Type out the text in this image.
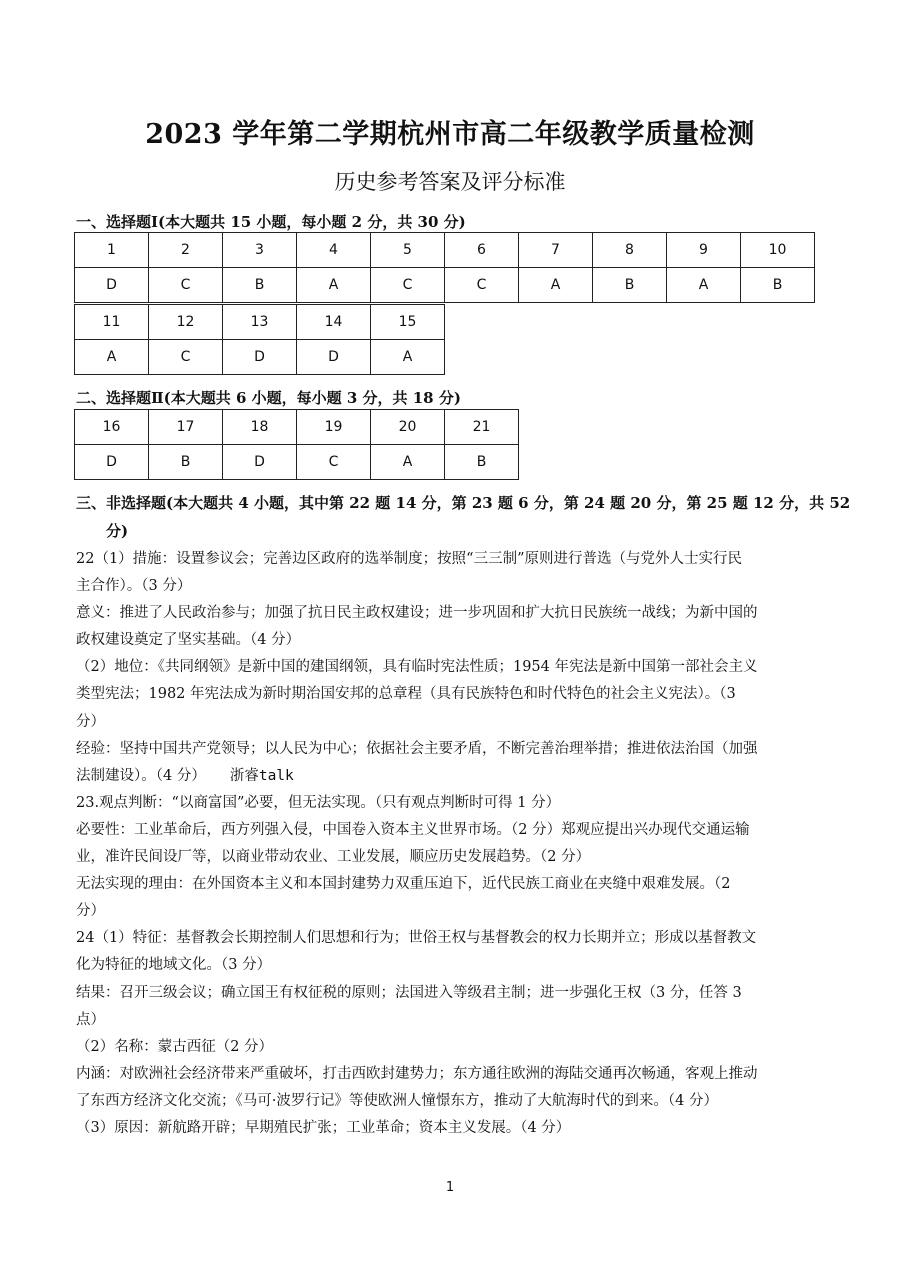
2023 学年第二学期杭州市高二年级教学质量检测
历史参考答案及评分标准
一、选择题Ⅰ(本大题共 15 小题，每小题 2 分，共 30 分)
1	2	3	4	5	6	7	8	9	10
D	C	B	A	C	C	A	B	A	B
11	12	13	14	15
A	C	D	D	A
二、选择题Ⅱ(本大题共 6 小题，每小题 3 分，共 18 分)
16	17	18	19	20	21
D	B	D	C	A	B
三、非选择题(本大题共 4 小题，其中第 22 题 14 分，第 23 题 6 分，第 24 题 20 分，第 25 题 12 分，共 52
分)

22（1）措施：设置参议会；完善边区政府的选举制度；按照“三三制”原则进行普选（与党外人士实行民

主合作）。（3 分）

意义：推进了人民政治参与；加强了抗日民主政权建设；进一步巩固和扩大抗日民族统一战线；为新中国的

政权建设奠定了坚实基础。（4 分）

（2）地位：《共同纲领》是新中国的建国纲领，具有临时宪法性质；1954 年宪法是新中国第一部社会主义

类型宪法；1982 年宪法成为新时期治国安邦的总章程（具有民族特色和时代特色的社会主义宪法）。（3

分）

经验：坚持中国共产党领导；以人民为中心；依据社会主要矛盾，不断完善治理举措；推进依法治国（加强

法制建设）。（4 分） 浙睿talk

23.观点判断：“以商富国”必要，但无法实现。（只有观点判断时可得 1 分）

必要性：工业革命后，西方列强入侵，中国卷入资本主义世界市场。（2 分）郑观应提出兴办现代交通运输

业，准许民间设厂等，以商业带动农业、工业发展，顺应历史发展趋势。（2 分）

无法实现的理由：在外国资本主义和本国封建势力双重压迫下，近代民族工商业在夹缝中艰难发展。（2

分）

24（1）特征：基督教会长期控制人们思想和行为；世俗王权与基督教会的权力长期并立；形成以基督教文

化为特征的地域文化。（3 分）

结果：召开三级会议；确立国王有权征税的原则；法国进入等级君主制；进一步强化王权（3 分，任答 3

点）

（2）名称：蒙古西征（2 分）

内涵：对欧洲社会经济带来严重破坏，打击西欧封建势力；东方通往欧洲的海陆交通再次畅通，客观上推动

了东西方经济文化交流；《马可·波罗行记》等使欧洲人憧憬东方，推动了大航海时代的到来。（4 分）

（3）原因：新航路开辟；早期殖民扩张；工业革命；资本主义发展。（4 分）

1
